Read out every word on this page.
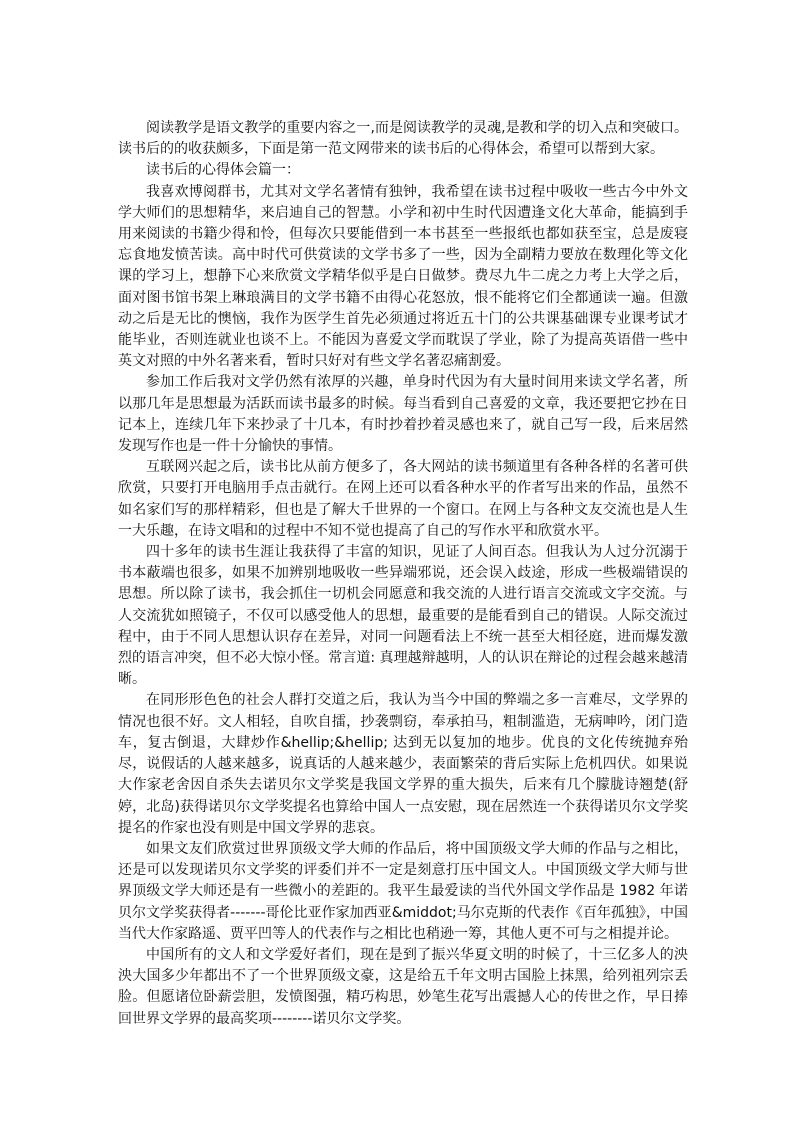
阅读教学是语文教学的重要内容之一,而是阅读教学的灵魂,是教和学的切入点和突破口。读书后的的收获颇多，下面是第一范文网带来的读书后的心得体会，希望可以帮到大家。

读书后的心得体会篇一：

我喜欢博阅群书，尤其对文学名著情有独钟，我希望在读书过程中吸收一些古今中外文学大师们的思想精华，来启迪自己的智慧。小学和初中生时代因遭逢文化大革命，能搞到手用来阅读的书籍少得和怜，但每次只要能借到一本书甚至一些报纸也都如获至宝，总是废寝忘食地发愤苦读。高中时代可供赏读的文学书多了一些，因为全副精力要放在数理化等文化课的学习上，想静下心来欣赏文学精华似乎是白日做梦。费尽九牛二虎之力考上大学之后，面对图书馆书架上琳琅满目的文学书籍不由得心花怒放，恨不能将它们全都通读一遍。但激动之后是无比的懊恼，我作为医学生首先必须通过将近五十门的公共课基础课专业课考试才能毕业，否则连就业也谈不上。不能因为喜爱文学而耽误了学业，除了为提高英语借一些中英文对照的中外名著来看，暂时只好对有些文学名著忍痛割爱。

参加工作后我对文学仍然有浓厚的兴趣，单身时代因为有大量时间用来读文学名著，所以那几年是思想最为活跃而读书最多的时候。每当看到自己喜爱的文章，我还要把它抄在日记本上，连续几年下来抄录了十几本，有时抄着抄着灵感也来了，就自己写一段，后来居然发现写作也是一件十分愉快的事情。

互联网兴起之后，读书比从前方便多了，各大网站的读书频道里有各种各样的名著可供欣赏，只要打开电脑用手点击就行。在网上还可以看各种水平的作者写出来的作品，虽然不如名家们写的那样精彩，但也是了解大千世界的一个窗口。在网上与各种文友交流也是人生一大乐趣，在诗文唱和的过程中不知不觉也提高了自己的写作水平和欣赏水平。

四十多年的读书生涯让我获得了丰富的知识，见证了人间百态。但我认为人过分沉溺于书本蔽端也很多，如果不加辨别地吸收一些异端邪说，还会误入歧途，形成一些极端错误的思想。所以除了读书，我会抓住一切机会同愿意和我交流的人进行语言交流或文字交流。与人交流犹如照镜子，不仅可以感受他人的思想，最重要的是能看到自己的错误。人际交流过程中，由于不同人思想认识存在差异，对同一问题看法上不统一甚至大相径庭，进而爆发激烈的语言冲突，但不必大惊小怪。常言道: 真理越辩越明，人的认识在辩论的过程会越来越清晰。

在同形形色色的社会人群打交道之后，我认为当今中国的弊端之多一言难尽，文学界的情况也很不好。文人相轻，自吹自擂，抄袭剽窃，奉承拍马，粗制滥造，无病呻吟，闭门造车，复古倒退，大肆炒作&hellip;&hellip; 达到无以复加的地步。优良的文化传统抛弃殆尽，说假话的人越来越多，说真话的人越来越少，表面繁荣的背后实际上危机四伏。如果说大作家老舍因自杀失去诺贝尔文学奖是我国文学界的重大损失，后来有几个朦胧诗翘楚(舒婷，北岛)获得诺贝尔文学奖提名也算给中国人一点安慰，现在居然连一个获得诺贝尔文学奖提名的作家也没有则是中国文学界的悲哀。

如果文友们欣赏过世界顶级文学大师的作品后，将中国顶级文学大师的作品与之相比，还是可以发现诺贝尔文学奖的评委们并不一定是刻意打压中国文人。中国顶级文学大师与世界顶级文学大师还是有一些微小的差距的。我平生最爱读的当代外国文学作品是 1982 年诺贝尔文学奖获得者-------哥伦比亚作家加西亚&middot;马尔克斯的代表作《百年孤独》，中国当代大作家路遥、贾平凹等人的代表作与之相比也稍逊一筹，其他人更不可与之相提并论。

中国所有的文人和文学爱好者们，现在是到了振兴华夏文明的时候了，十三亿多人的泱泱大国多少年都出不了一个世界顶级文豪，这是给五千年文明古国脸上抹黑，给列祖列宗丢脸。但愿诸位卧薪尝胆，发愤图强，精巧构思，妙笔生花写出震撼人心的传世之作，早日捧回世界文学界的最高奖项--------诺贝尔文学奖。
